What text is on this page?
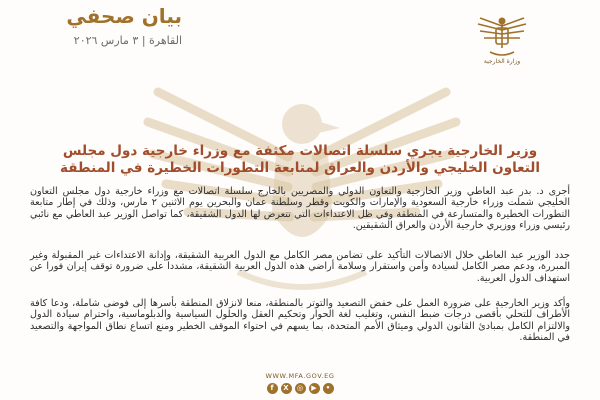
بيان صحفي
القاهرة | ٣ مارس ٢٠٢٦
وزارة الخارجية
وزير الخارجية يجري سلسلة اتصالات مكثفة مع وزراء خارجية دول مجلس التعاون الخليجي والأردن والعراق لمتابعة التطورات الخطيرة في المنطقة
أجرى د. بدر عبد العاطي وزير الخارجية والتعاون الدولي والمصريين بالخارج سلسلة اتصالات مع وزراء خارجية دول مجلس التعاون الخليجي شملت وزراء خارجية السعودية والإمارات والكويت وقطر وسلطنة عمان والبحرين يوم الاثنين ٢ مارس، وذلك في إطار متابعة التطورات الخطيرة والمتسارعة في المنطقة وفي ظل الاعتداءات التي تتعرض لها الدول الشقيقة، كما تواصل الوزير عبد العاطي مع نائبي رئيسي وزراء ووزيري خارجية الأردن والعراق الشقيقين.
جدد الوزير عبد العاطي خلال الاتصالات التأكيد على تضامن مصر الكامل مع الدول العربية الشقيقة، وإدانة الاعتداءات غير المقبولة وغير المبررة، ودعم مصر الكامل لسيادة وأمن واستقرار وسلامة أراضي هذه الدول العربية الشقيقة، مشددا على ضرورة توقف إيران فورا عن استهداف الدول العربية.
وأكد وزير الخارجية على ضرورة العمل على خفض التصعيد والتوتر بالمنطقة، منعا لانزلاق المنطقة بأسرها إلى فوضى شاملة، ودعا كافة الأطراف للتحلي بأقصى درجات ضبط النفس، وتغليب لغة الحوار وتحكيم العقل والحلول السياسية والدبلوماسية، واحترام سيادة الدول والالتزام الكامل بمبادئ القانون الدولي وميثاق الأمم المتحدة، بما يسهم في احتواء الموقف الخطير ومنع اتساع نطاق المواجهة والتصعيد في المنطقة.
WWW.MFA.GOV.EG
f	X	◎	▶	•
